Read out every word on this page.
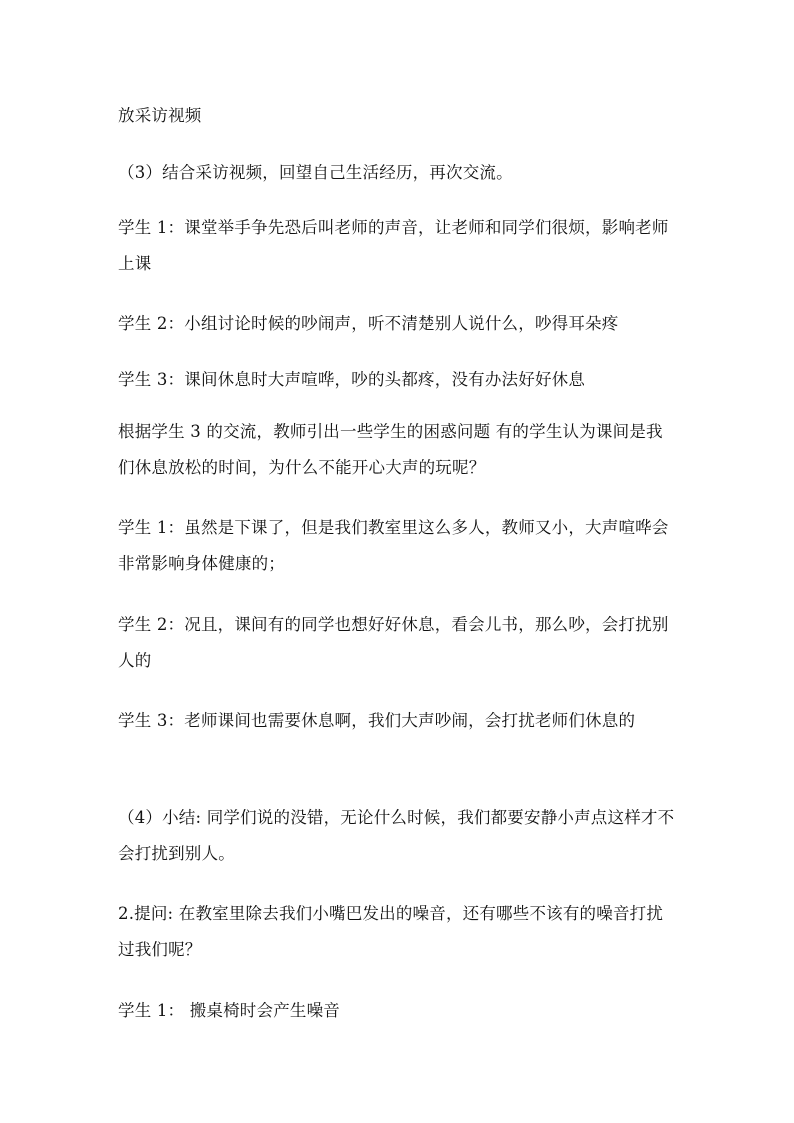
放采访视频

（3）结合采访视频，回望自己生活经历，再次交流。

学生 1：课堂举手争先恐后叫老师的声音，让老师和同学们很烦，影响老师上课

学生 2：小组讨论时候的吵闹声，听不清楚别人说什么，吵得耳朵疼

学生 3：课间休息时大声喧哗，吵的头都疼，没有办法好好休息

根据学生 3 的交流，教师引出一些学生的困惑问题 有的学生认为课间是我们休息放松的时间，为什么不能开心大声的玩呢？

学生 1：虽然是下课了，但是我们教室里这么多人，教师又小，大声喧哗会非常影响身体健康的；

学生 2：况且，课间有的同学也想好好休息，看会儿书，那么吵，会打扰别人的

学生 3：老师课间也需要休息啊，我们大声吵闹，会打扰老师们休息的

（4）小结: 同学们说的没错，无论什么时候，我们都要安静小声点这样才不会打扰到别人。

2.提问: 在教室里除去我们小嘴巴发出的噪音，还有哪些不该有的噪音打扰过我们呢？

学生 1： 搬桌椅时会产生噪音
